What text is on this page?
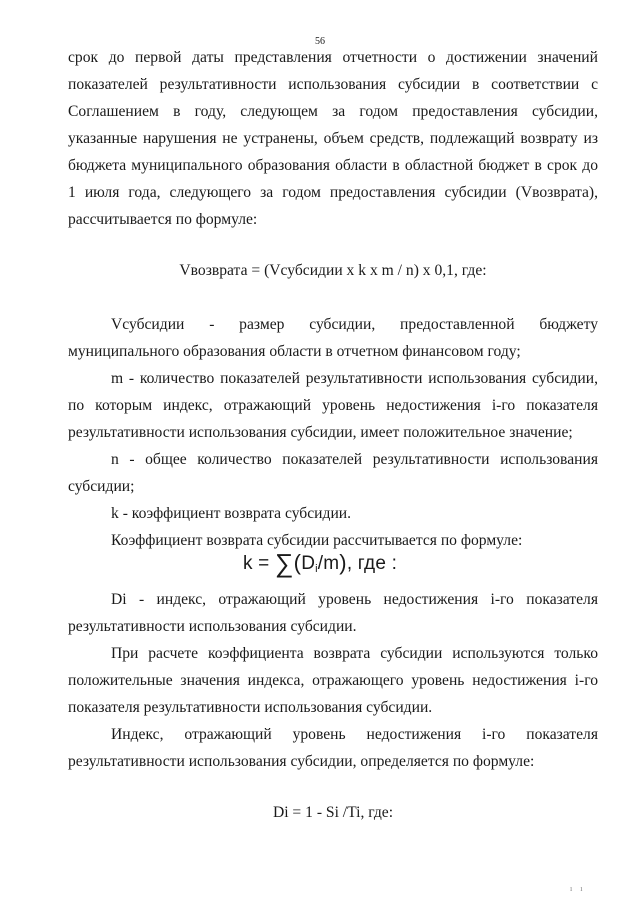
56

срок до первой даты представления отчетности о достижении значений показателей результативности использования субсидии в соответствии с Соглашением в году, следующем за годом предоставления субсидии, указанные нарушения не устранены, объем средств, подлежащий возврату из бюджета муниципального образования области в областной бюджет в срок до 1 июля года, следующего за годом предоставления субсидии (Vвозврата), рассчитывается по формуле:

Vвозврата = (Vсубсидии x k x m / n) x 0,1, где:

Vсубсидии - размер субсидии, предоставленной бюджету муниципального образования области в отчетном финансовом году;

m - количество показателей результативности использования субсидии, по которым индекс, отражающий уровень недостижения i-го показателя результативности использования субсидии, имеет положительное значение;

n - общее количество показателей результативности использования субсидии;

k - коэффициент возврата субсидии.

Коэффициент возврата субсидии рассчитывается по формуле:

$k = \sum(D_i/m)$, где :

Di - индекс, отражающий уровень недостижения i-го показателя результативности использования субсидии.

При расчете коэффициента возврата субсидии используются только положительные значения индекса, отражающего уровень недостижения i-го показателя результативности использования субсидии.

Индекс, отражающий уровень недостижения i-го показателя результативности использования субсидии, определяется по формуле:

Di = 1 - Si /Ti, где:
ı ı
